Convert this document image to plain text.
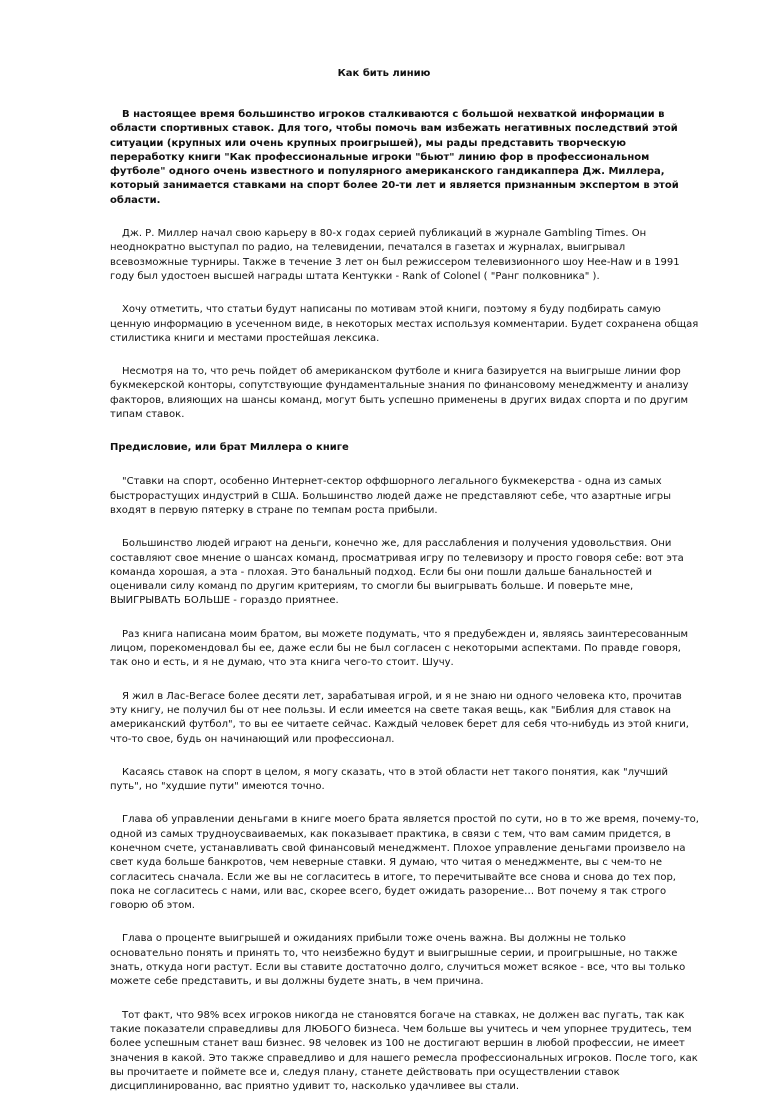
Как бить линию

В настоящее время большинство игроков сталкиваются с большой нехваткой информации в области спортивных ставок. Для того, чтобы помочь вам избежать негативных последствий этой ситуации (крупных или очень крупных проигрышей), мы рады представить творческую переработку книги "Как профессиональные игроки "бьют" линию фор в профессиональном футболе" одного очень известного и популярного американского гандикаппера Дж. Миллера, который занимается ставками на спорт более 20-ти лет и является признанным экспертом в этой области.

Дж. Р. Миллер начал свою карьеру в 80-х годах серией публикаций в журнале Gambling Times. Он неоднократно выступал по радио, на телевидении, печатался в газетах и журналах, выигрывал всевозможные турниры. Также в течение 3 лет он был режиссером телевизионного шоу Hee-Haw и в 1991 году был удостоен высшей награды штата Кентукки - Rank of Colonel ( "Ранг полковника" ).

Хочу отметить, что статьи будут написаны по мотивам этой книги, поэтому я буду подбирать самую ценную информацию в усеченном виде, в некоторых местах используя комментарии. Будет сохранена общая стилистика книги и местами простейшая лексика.

Несмотря на то, что речь пойдет об американском футболе и книга базируется на выигрыше линии фор букмекерской конторы, сопутствующие фундаментальные знания по финансовому менеджменту и анализу факторов, влияющих на шансы команд, могут быть успешно применены в других видах спорта и по другим типам ставок.

Предисловие, или брат Миллера о книге

"Ставки на спорт, особенно Интернет-сектор оффшорного легального букмекерства - одна из самых быстрорастущих индустрий в США. Большинство людей даже не представляют себе, что азартные игры входят в первую пятерку в стране по темпам роста прибыли.

Большинство людей играют на деньги, конечно же, для расслабления и получения удовольствия. Они составляют свое мнение о шансах команд, просматривая игру по телевизору и просто говоря себе: вот эта команда хорошая, а эта - плохая. Это банальный подход. Если бы они пошли дальше банальностей и оценивали силу команд по другим критериям, то смогли бы выигрывать больше. И поверьте мне, ВЫИГРЫВАТЬ БОЛЬШЕ - гораздо приятнее.

Раз книга написана моим братом, вы можете подумать, что я предубежден и, являясь заинтересованным лицом, порекомендовал бы ее, даже если бы не был согласен с некоторыми аспектами. По правде говоря, так оно и есть, и я не думаю, что эта книга чего-то стоит. Шучу.

Я жил в Лас-Вегасе более десяти лет, зарабатывая игрой, и я не знаю ни одного человека кто, прочитав эту книгу, не получил бы от нее пользы. И если имеется на свете такая вещь, как "Библия для ставок на американский футбол", то вы ее читаете сейчас. Каждый человек берет для себя что-нибудь из этой книги, что-то свое, будь он начинающий или профессионал.

Касаясь ставок на спорт в целом, я могу сказать, что в этой области нет такого понятия, как "лучший путь", но "худшие пути" имеются точно.

Глава об управлении деньгами в книге моего брата является простой по сути, но в то же время, почему-то, одной из самых трудноусваиваемых, как показывает практика, в связи с тем, что вам самим придется, в конечном счете, устанавливать свой финансовый менеджмент. Плохое управление деньгами произвело на свет куда больше банкротов, чем неверные ставки. Я думаю, что читая о менеджменте, вы с чем-то не согласитесь сначала. Если же вы не согласитесь в итоге, то перечитывайте все снова и снова до тех пор, пока не согласитесь с нами, или вас, скорее всего, будет ожидать разорение… Вот почему я так строго говорю об этом.

Глава о проценте выигрышей и ожиданиях прибыли тоже очень важна. Вы должны не только основательно понять и принять то, что неизбежно будут и выигрышные серии, и проигрышные, но также знать, откуда ноги растут. Если вы ставите достаточно долго, случиться может всякое - все, что вы только можете себе представить, и вы должны будете знать, в чем причина.

Тот факт, что 98% всех игроков никогда не становятся богаче на ставках, не должен вас пугать, так как такие показатели справедливы для ЛЮБОГО бизнеса. Чем больше вы учитесь и чем упорнее трудитесь, тем более успешным станет ваш бизнес. 98 человек из 100 не достигают вершин в любой профессии, не имеет значения в какой. Это также справедливо и для нашего ремесла профессиональных игроков. После того, как вы прочитаете и поймете все и, следуя плану, станете действовать при осуществлении ставок дисциплинированно, вас приятно удивит то, насколько удачливее вы стали.
